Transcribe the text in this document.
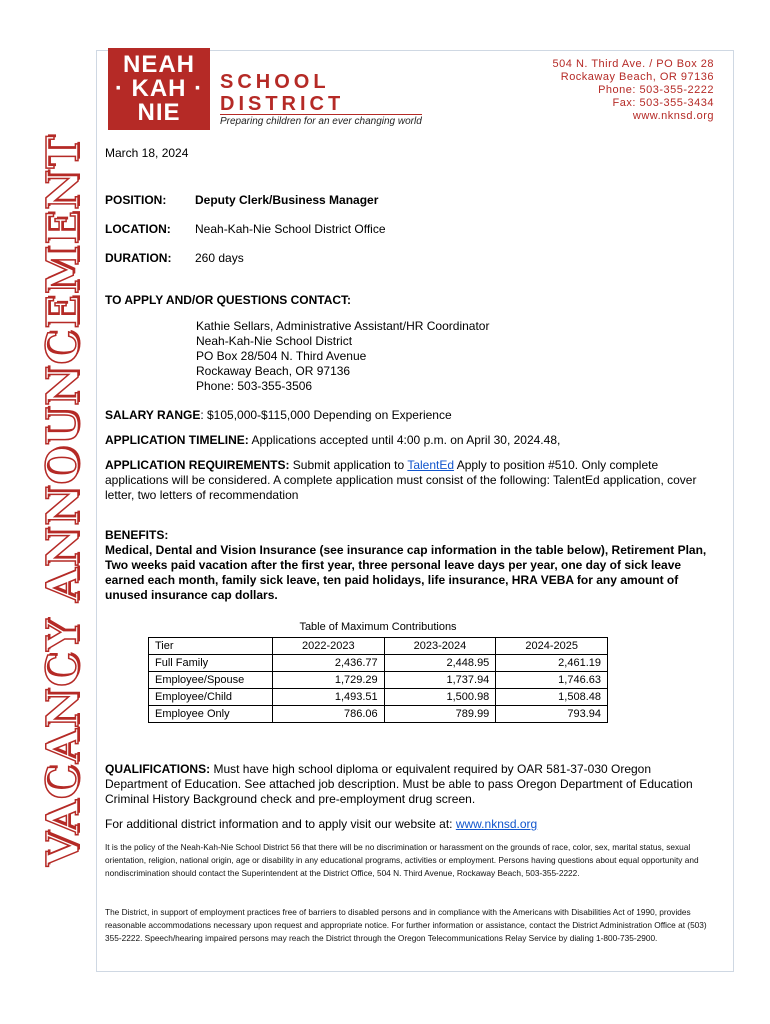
VACANCY ANNOUNCEMENT
NEAH
· KAH ·
NIE
SCHOOL
DISTRICT
Preparing children for an ever changing world
504 N. Third Ave. / PO Box 28
Rockaway Beach, OR 97136
Phone: 503-355-2222
Fax: 503-355-3434
www.nknsd.org
March 18, 2024
POSITION: Deputy Clerk/Business Manager
LOCATION: Neah-Kah-Nie School District Office
DURATION: 260 days
TO APPLY AND/OR QUESTIONS CONTACT:
Kathie Sellars, Administrative Assistant/HR Coordinator
Neah-Kah-Nie School District
PO Box 28/504 N. Third Avenue
Rockaway Beach, OR 97136
Phone: 503-355-3506
SALARY RANGE: $105,000-$115,000 Depending on Experience
APPLICATION TIMELINE: Applications accepted until 4:00 p.m. on April 30, 2024.48,
APPLICATION REQUIREMENTS: Submit application to TalentEd Apply to position #510. Only complete applications will be considered. A complete application must consist of the following: TalentEd application, cover letter, two letters of recommendation
BENEFITS:
Medical, Dental and Vision Insurance (see insurance cap information in the table below), Retirement Plan, Two weeks paid vacation after the first year, three personal leave days per year, one day of sick leave earned each month, family sick leave, ten paid holidays, life insurance, HRA VEBA for any amount of unused insurance cap dollars.
Table of Maximum Contributions
Tier	2022-2023	2023-2024	2024-2025
Full Family	2,436.77	2,448.95	2,461.19
Employee/Spouse	1,729.29	1,737.94	1,746.63
Employee/Child	1,493.51	1,500.98	1,508.48
Employee Only	786.06	789.99	793.94
QUALIFICATIONS: Must have high school diploma or equivalent required by OAR 581-37-030 Oregon Department of Education. See attached job description. Must be able to pass Oregon Department of Education Criminal History Background check and pre-employment drug screen.
For additional district information and to apply visit our website at: www.nknsd.org
It is the policy of the Neah-Kah-Nie School District 56 that there will be no discrimination or harassment on the grounds of race, color, sex, marital status, sexual orientation, religion, national origin, age or disability in any educational programs, activities or employment. Persons having questions about equal opportunity and nondiscrimination should contact the Superintendent at the District Office, 504 N. Third Avenue, Rockaway Beach, 503-355-2222.
The District, in support of employment practices free of barriers to disabled persons and in compliance with the Americans with Disabilities Act of 1990, provides reasonable accommodations necessary upon request and appropriate notice. For further information or assistance, contact the District Administration Office at (503) 355-2222. Speech/hearing impaired persons may reach the District through the Oregon Telecommunications Relay Service by dialing 1-800-735-2900.
